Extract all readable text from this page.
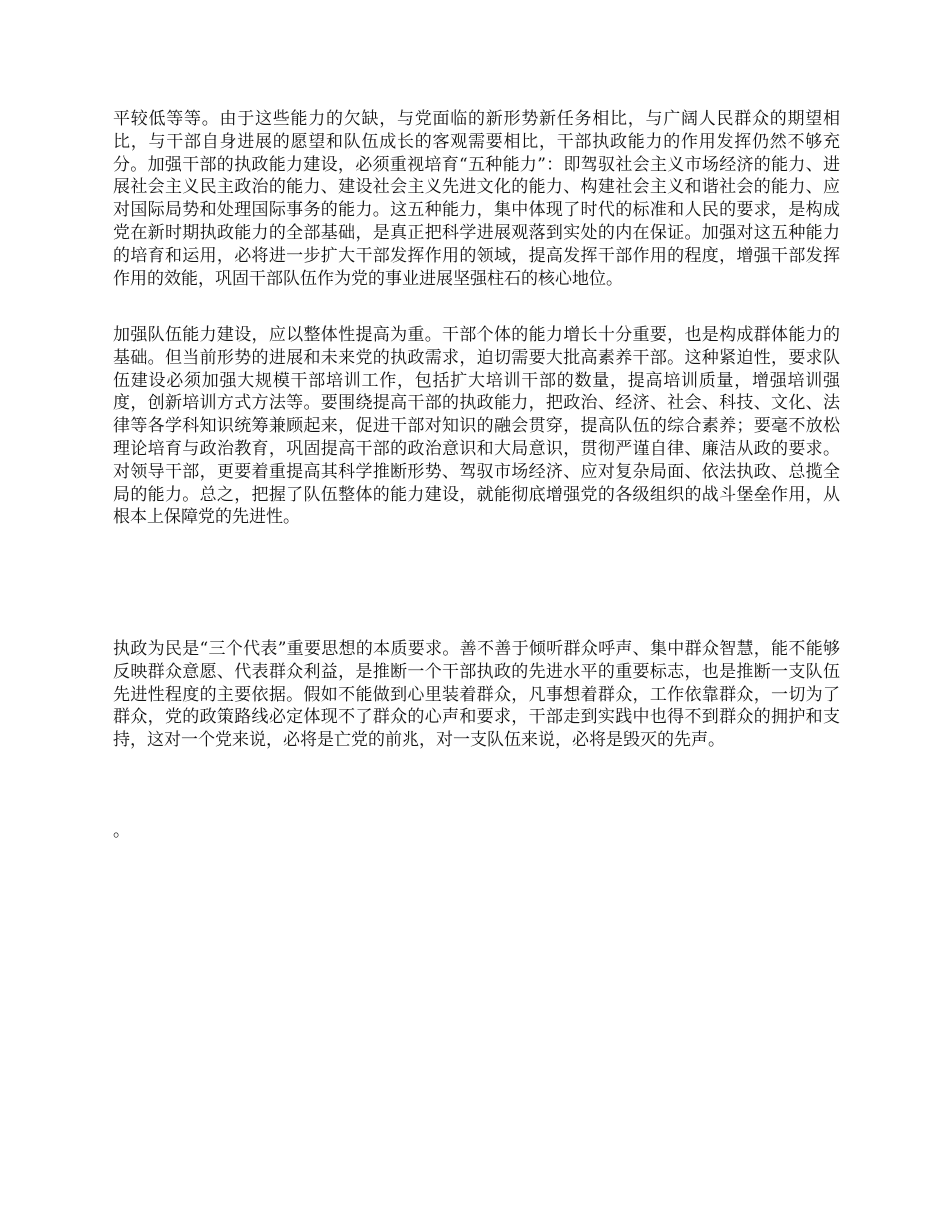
平较低等等。由于这些能力的欠缺，与党面临的新形势新任务相比，与广阔人民群众的期望相比，与干部自身进展的愿望和队伍成长的客观需要相比，干部执政能力的作用发挥仍然不够充分。加强干部的执政能力建设，必须重视培育“五种能力”：即驾驭社会主义市场经济的能力、进展社会主义民主政治的能力、建设社会主义先进文化的能力、构建社会主义和谐社会的能力、应对国际局势和处理国际事务的能力。这五种能力，集中体现了时代的标准和人民的要求，是构成党在新时期执政能力的全部基础，是真正把科学进展观落到实处的内在保证。加强对这五种能力的培育和运用，必将进一步扩大干部发挥作用的领域，提高发挥干部作用的程度，增强干部发挥作用的效能，巩固干部队伍作为党的事业进展坚强柱石的核心地位。

加强队伍能力建设，应以整体性提高为重。干部个体的能力增长十分重要，也是构成群体能力的基础。但当前形势的进展和未来党的执政需求，迫切需要大批高素养干部。这种紧迫性，要求队伍建设必须加强大规模干部培训工作，包括扩大培训干部的数量，提高培训质量，增强培训强度，创新培训方式方法等。要围绕提高干部的执政能力，把政治、经济、社会、科技、文化、法律等各学科知识统筹兼顾起来，促进干部对知识的融会贯穿，提高队伍的综合素养；要毫不放松理论培育与政治教育，巩固提高干部的政治意识和大局意识，贯彻严谨自律、廉洁从政的要求。对领导干部，更要着重提高其科学推断形势、驾驭市场经济、应对复杂局面、依法执政、总揽全局的能力。总之，把握了队伍整体的能力建设，就能彻底增强党的各级组织的战斗堡垒作用，从根本上保障党的先进性。

执政为民是“三个代表”重要思想的本质要求。善不善于倾听群众呼声、集中群众智慧，能不能够反映群众意愿、代表群众利益，是推断一个干部执政的先进水平的重要标志，也是推断一支队伍先进性程度的主要依据。假如不能做到心里装着群众，凡事想着群众，工作依靠群众，一切为了群众，党的政策路线必定体现不了群众的心声和要求，干部走到实践中也得不到群众的拥护和支持，这对一个党来说，必将是亡党的前兆，对一支队伍来说，必将是毁灭的先声。

。
